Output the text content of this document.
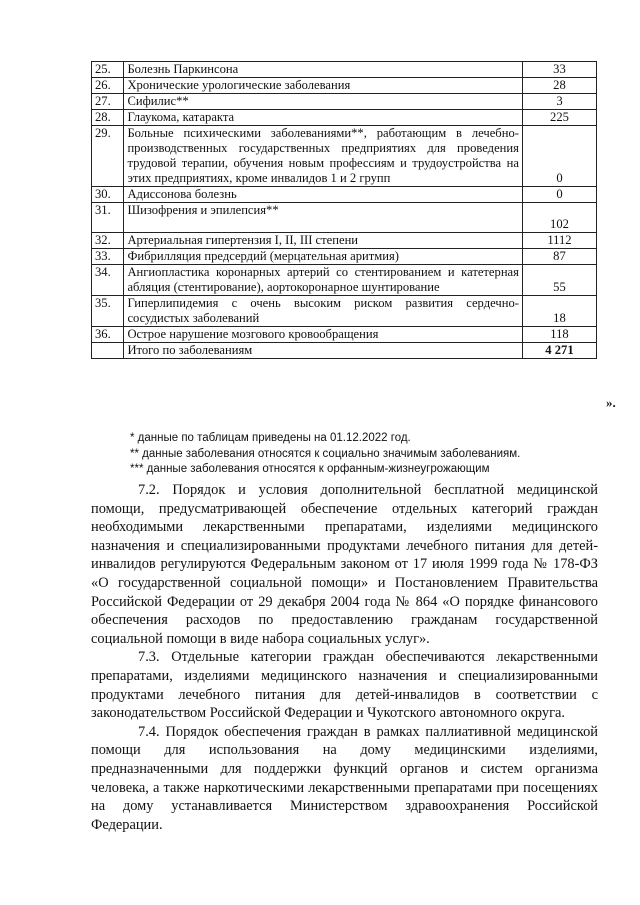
25.	Болезнь Паркинсона	33
26.	Хронические урологические заболевания	28
27.	Сифилис**	3
28.	Глаукома, катаракта	225
29.	Больные психическими заболеваниями**, работающим в лечебно-производственных государственных предприятиях для проведения трудовой терапии, обучения новым профессиям и трудоустройства на этих предприятиях, кроме инвалидов 1 и 2 групп	0
30.	Адиссонова болезнь	0
31.	Шизофрения и эпилепсия**	102
32.	Артериальная гипертензия I, II, III степени	1112
33.	Фибрилляция предсердий (мерцательная аритмия)	87
34.	Ангиопластика коронарных артерий со стентированием и катетерная абляция (стентирование), аортокоронарное шунтирование	55
35.	Гиперлипидемия с очень высоким риском развития сердечно-сосудистых заболеваний	18
36.	Острое нарушение мозгового кровообращения	118
	Итого по заболеваниям	4 271
».
* данные по таблицам приведены на 01.12.2022 год.
** данные заболевания относятся к социально значимым заболеваниям.
*** данные заболевания относятся к орфанным-жизнеугрожающим

7.2. Порядок и условия дополнительной бесплатной медицинской помощи, предусматривающей обеспечение отдельных категорий граждан необходимыми лекарственными препаратами, изделиями медицинского назначения и специализированными продуктами лечебного питания для детей-инвалидов регулируются Федеральным законом от 17 июля 1999 года № 178-ФЗ «О государственной социальной помощи» и Постановлением Правительства Российской Федерации от 29 декабря 2004 года № 864 «О порядке финансового обеспечения расходов по предоставлению гражданам государственной социальной помощи в виде набора социальных услуг».

7.3. Отдельные категории граждан обеспечиваются лекарственными препаратами, изделиями медицинского назначения и специализированными продуктами лечебного питания для детей-инвалидов в соответствии с законодательством Российской Федерации и Чукотского автономного округа.

7.4. Порядок обеспечения граждан в рамках паллиативной медицинской помощи для использования на дому медицинскими изделиями, предназначенными для поддержки функций органов и систем организма человека, а также наркотическими лекарственными препаратами при посещениях на дому устанавливается Министерством здравоохранения Российской Федерации.
